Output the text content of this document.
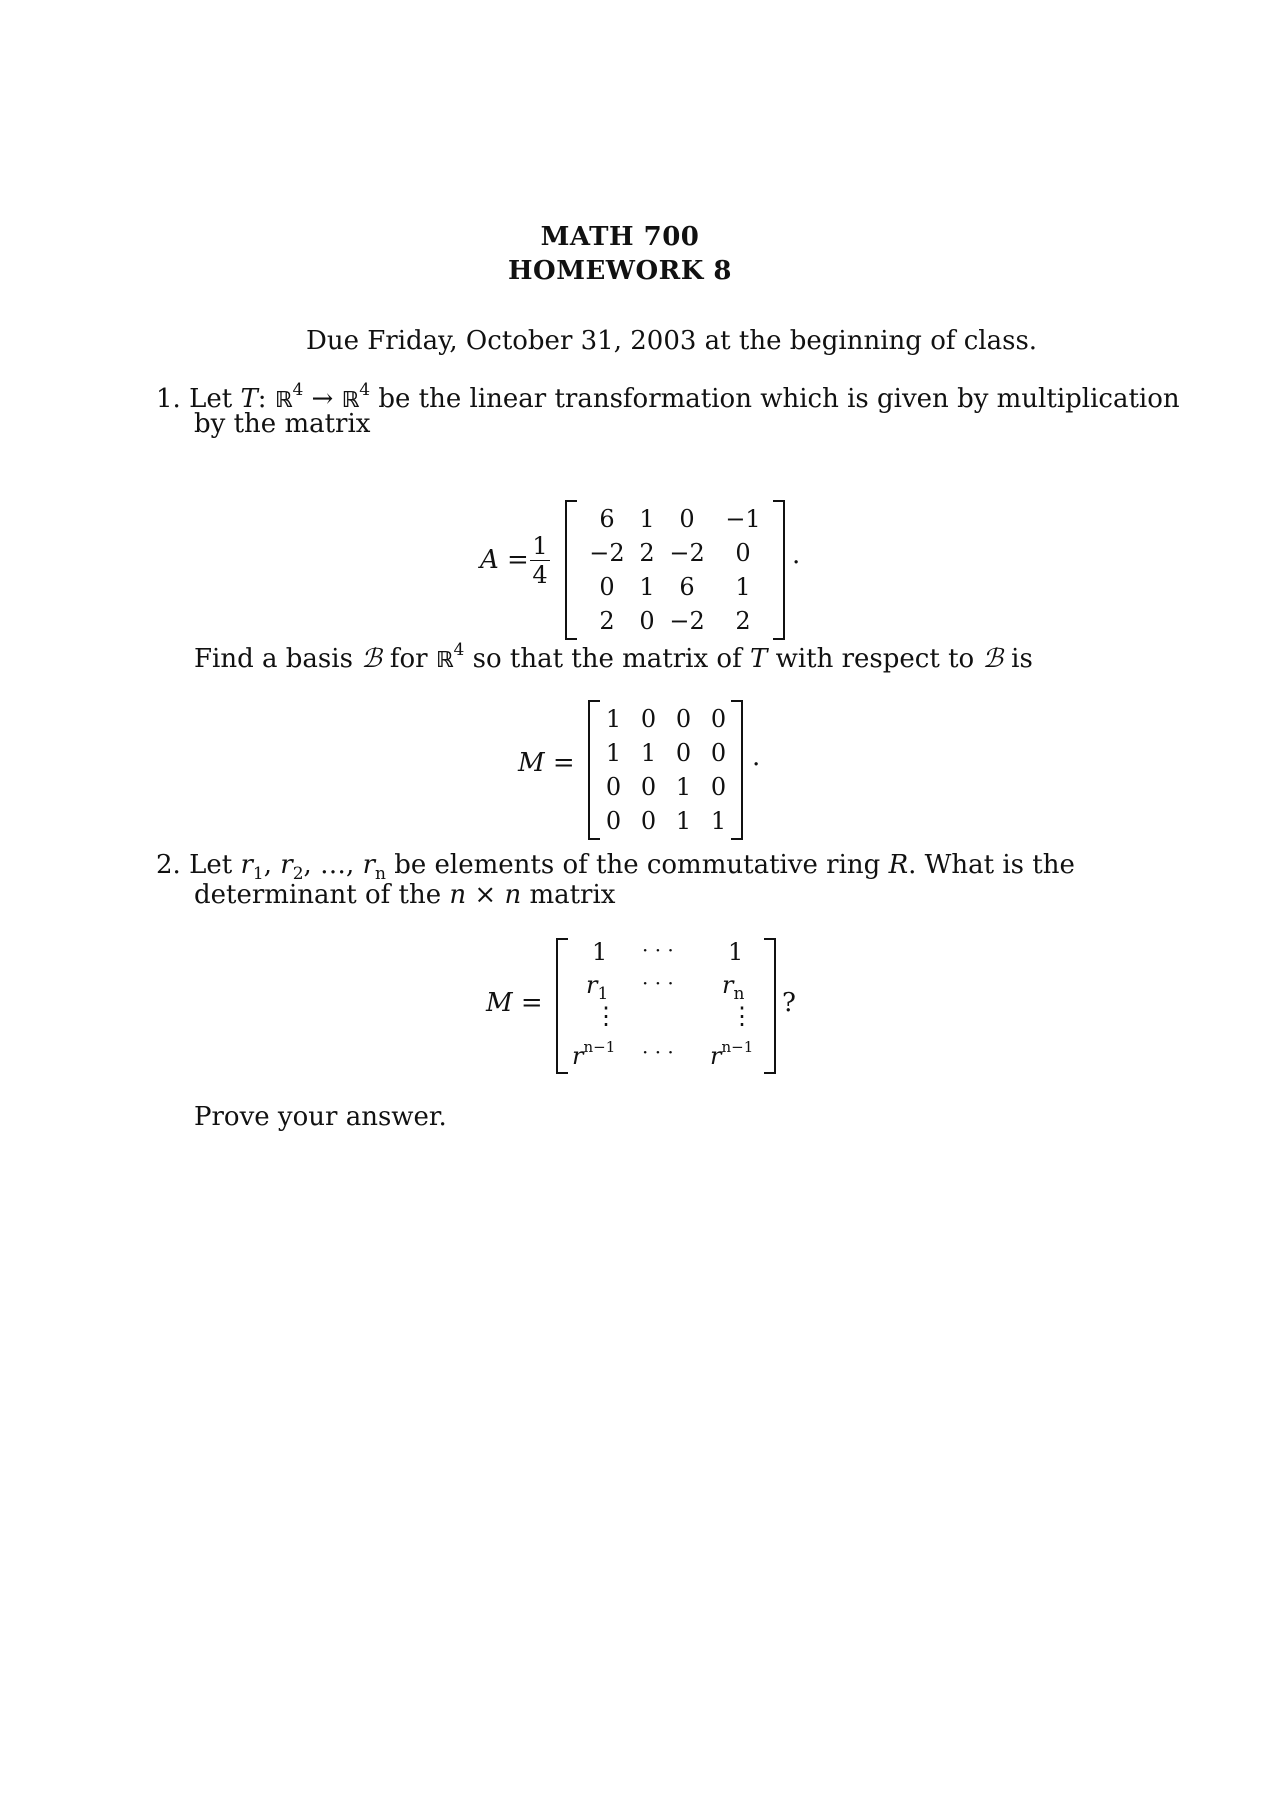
MATH 700
HOMEWORK 8
Due Friday, October 31, 2003 at the beginning of class.
1. Let T: ℝ$^4$ → ℝ$^4$ be the linear transformation which is given by multiplication
by the matrix
$A = \frac{1}{4}$
6	1	0	−1
−2	2	−2	0
0	1	6	1
2	0	−2	2
.
Find a basis ℬ for ℝ$^4$ so that the matrix of T with respect to ℬ is
M =
1	0	0	0
1	1	0	0
0	0	1	0
0	0	1	1
.
2. Let $r_1$, $r_2$, …, $r_n$ be elements of the commutative ring R. What is the
determinant of the n × n matrix
M =
1 · · · 1
$r_1$ · · · $r_n$
⋮	⋮
$r^{n-1}$ · · · $r^{n-1}$
?
Prove your answer.
